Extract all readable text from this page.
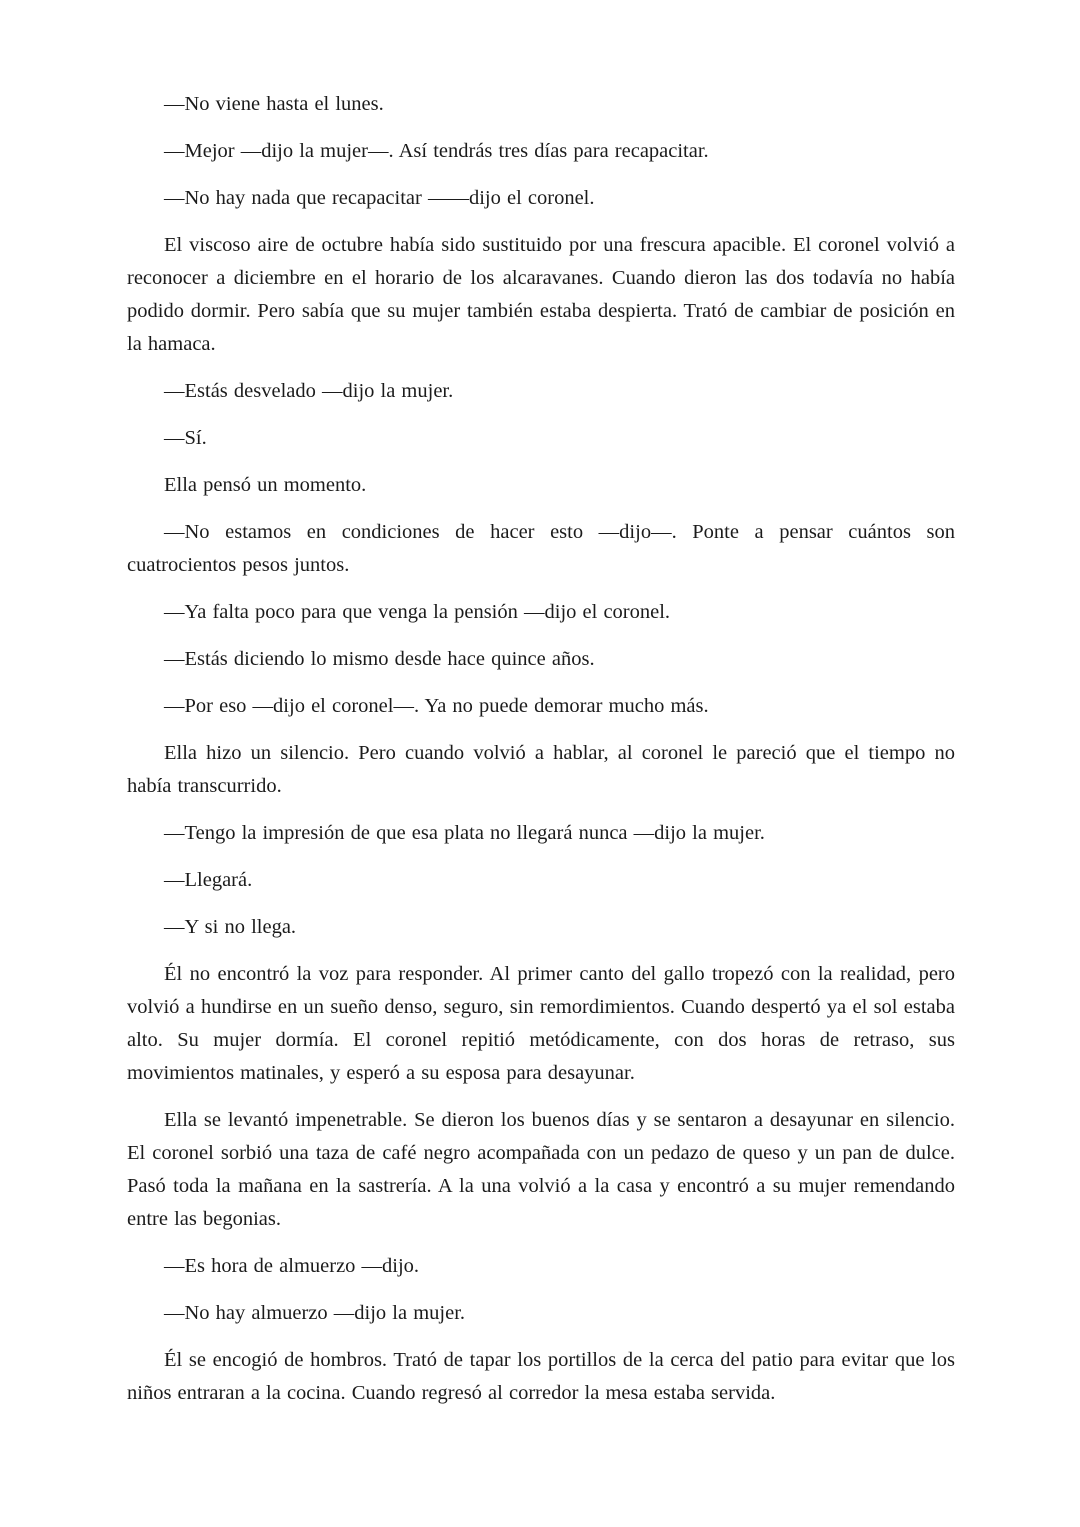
—No viene hasta el lunes.

—Mejor —dijo la mujer—. Así tendrás tres días para recapacitar.

—No hay nada que recapacitar ——dijo el coronel.

El viscoso aire de octubre había sido sustituido por una frescura apacible. El coronel volvió a reconocer a diciembre en el horario de los alcaravanes. Cuando dieron las dos todavía no había podido dormir. Pero sabía que su mujer también estaba despierta. Trató de cambiar de posición en la hamaca.

—Estás desvelado —dijo la mujer.

—Sí.

Ella pensó un momento.

—No estamos en condiciones de hacer esto —dijo—. Ponte a pensar cuántos son cuatrocientos pesos juntos.

—Ya falta poco para que venga la pensión —dijo el coronel.

—Estás diciendo lo mismo desde hace quince años.

—Por eso —dijo el coronel—. Ya no puede demorar mucho más.

Ella hizo un silencio. Pero cuando volvió a hablar, al coronel le pareció que el tiempo no había transcurrido.

—Tengo la impresión de que esa plata no llegará nunca —dijo la mujer.

—Llegará.

—Y si no llega.

Él no encontró la voz para responder. Al primer canto del gallo tropezó con la realidad, pero volvió a hundirse en un sueño denso, seguro, sin remordimientos. Cuando despertó ya el sol estaba alto. Su mujer dormía. El coronel repitió metódicamente, con dos horas de retraso, sus movimientos matinales, y esperó a su esposa para desayunar.

Ella se levantó impenetrable. Se dieron los buenos días y se sentaron a desayunar en silencio. El coronel sorbió una taza de café negro acompañada con un pedazo de queso y un pan de dulce. Pasó toda la mañana en la sastrería. A la una volvió a la casa y encontró a su mujer remendando entre las begonias.

—Es hora de almuerzo —dijo.

—No hay almuerzo —dijo la mujer.

Él se encogió de hombros. Trató de tapar los portillos de la cerca del patio para evitar que los niños entraran a la cocina. Cuando regresó al corredor la mesa estaba servida.
